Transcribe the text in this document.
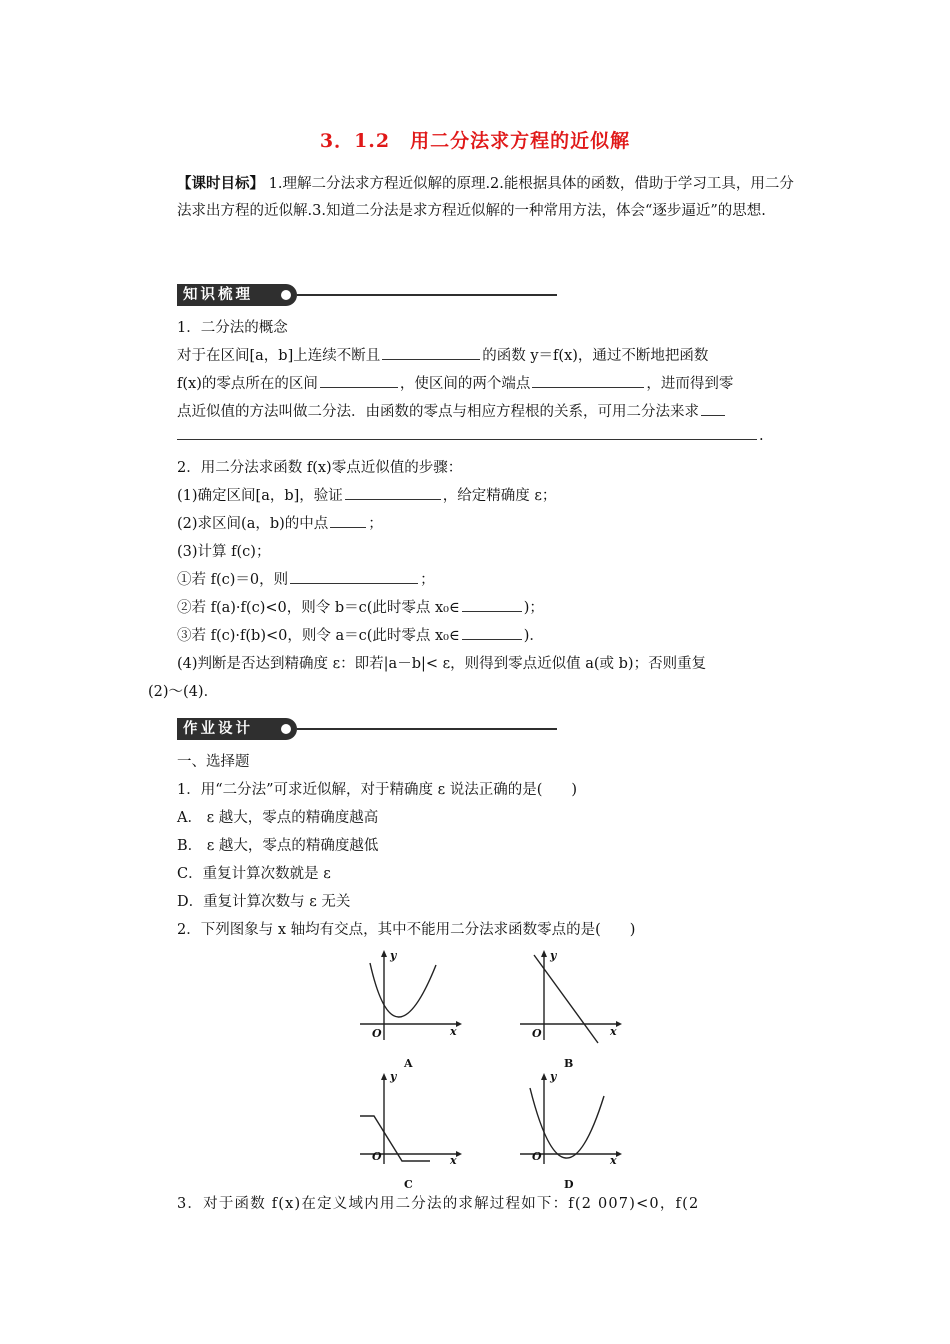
3．1.2　用二分法求方程的近似解
【课时目标】 1.理解二分法求方程近似解的原理.2.能根据具体的函数，借助于学习工具，用二分法求出方程的近似解.3.知道二分法是求方程近似解的一种常用方法，体会“逐步逼近”的思想.
知识梳理
1．二分法的概念
对于在区间[a，b]上连续不断且	的函数 y＝f(x)，通过不断地把函数
f(x)的零点所在的区间	，使区间的两个端点	，进而得到零
点近似值的方法叫做二分法．由函数的零点与相应方程根的关系，可用二分法来求
.
2．用二分法求函数 f(x)零点近似值的步骤：
(1)确定区间[a，b]，验证	，给定精确度 ε；
(2)求区间(a，b)的中点	；
(3)计算 f(c)；
①若 f(c)＝0，则	；
②若 f(a)·f(c)<0，则令 b＝c(此时零点 x₀∈	)；
③若 f(c)·f(b)<0，则令 a＝c(此时零点 x₀∈	)．
(4)判断是否达到精确度 ε：即若|a－b|< ε，则得到零点近似值 a(或 b)；否则重复
(2)～(4)．
作业设计
一、选择题
1．用“二分法”可求近似解，对于精确度 ε 说法正确的是(　　)
A． ε 越大，零点的精确度越高
B． ε 越大，零点的精确度越低
C．重复计算次数就是 ε
D．重复计算次数与 ε 无关
2．下列图象与 x 轴均有交点，其中不能用二分法求函数零点的是(　　)
y
x
O
A
y
x
O
B
y
x
O
C
y
x
O
D
3．对于函数 f(x)在定义域内用二分法的求解过程如下：f(2 007)<0，f(2
